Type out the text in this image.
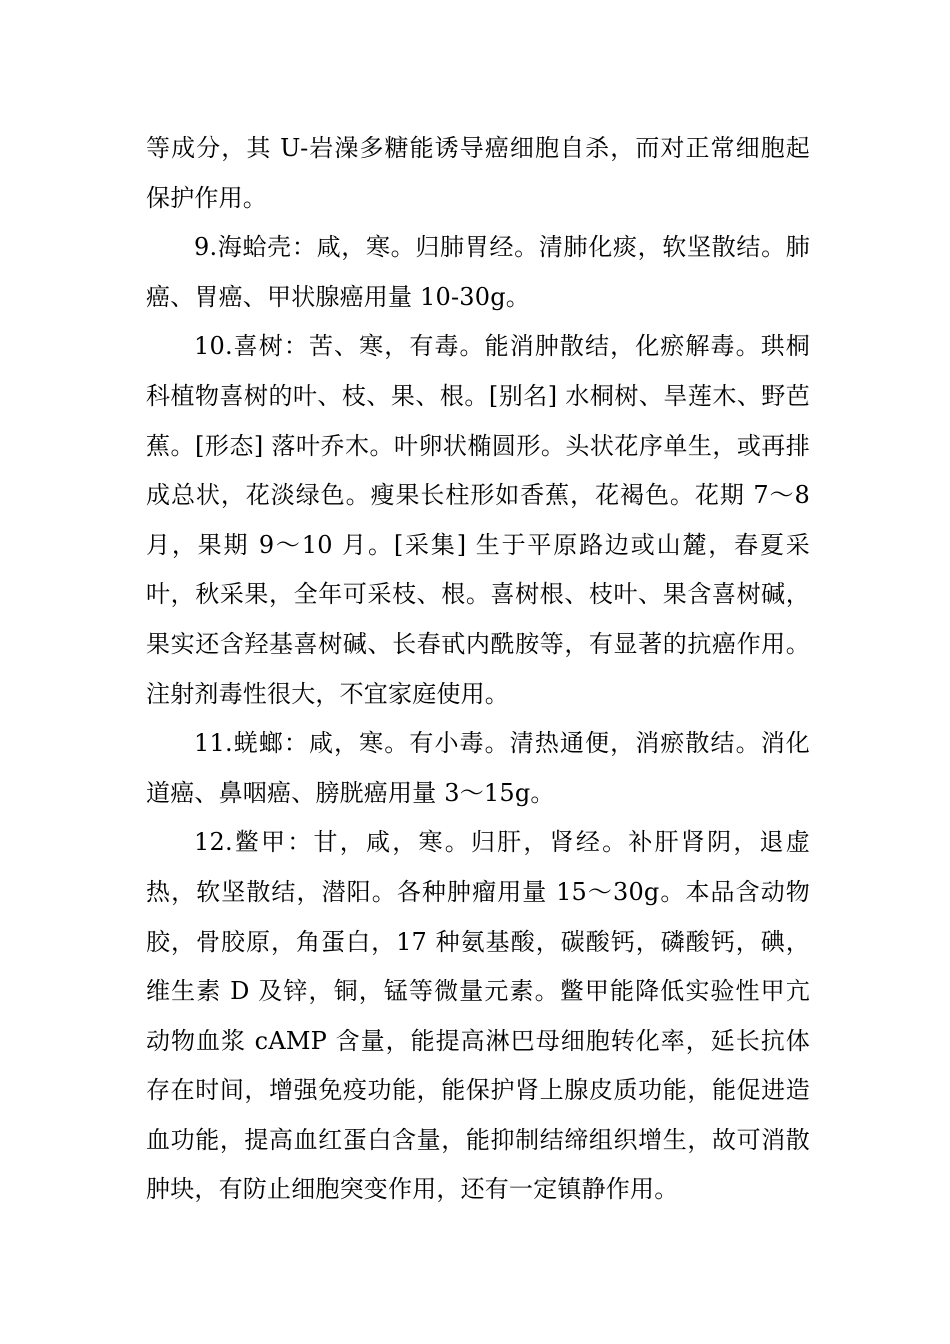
等成分，其 U-岩澡多糖能诱导癌细胞自杀，而对正常细胞起保护作用。

9.海蛤壳：咸，寒。归肺胃经。清肺化痰，软坚散结。肺癌、胃癌、甲状腺癌用量 10-30g。

10.喜树：苦、寒，有毒。能消肿散结，化瘀解毒。珙桐科植物喜树的叶、枝、果、根。[别名] 水桐树、旱莲木、野芭蕉。[形态] 落叶乔木。叶卵状椭圆形。头状花序单生，或再排成总状，花淡绿色。瘦果长柱形如香蕉，花褐色。花期 7～8 月，果期 9～10 月。[采集] 生于平原路边或山麓，春夏采叶，秋采果，全年可采枝、根。喜树根、枝叶、果含喜树碱，果实还含羟基喜树碱、长春甙内酰胺等，有显著的抗癌作用。注射剂毒性很大，不宜家庭使用。

11.蜣螂：咸，寒。有小毒。清热通便，消瘀散结。消化道癌、鼻咽癌、膀胱癌用量 3～15g。

12.鳖甲：甘，咸，寒。归肝，肾经。补肝肾阴，退虚热，软坚散结，潜阳。各种肿瘤用量 15～30g。本品含动物胶，骨胶原，角蛋白，17 种氨基酸，碳酸钙，磷酸钙，碘，维生素 D 及锌，铜，锰等微量元素。鳖甲能降低实验性甲亢动物血浆 cAMP 含量，能提高淋巴母细胞转化率，延长抗体存在时间，增强免疫功能，能保护肾上腺皮质功能，能促进造血功能，提高血红蛋白含量，能抑制结缔组织增生，故可消散肿块，有防止细胞突变作用，还有一定镇静作用。
